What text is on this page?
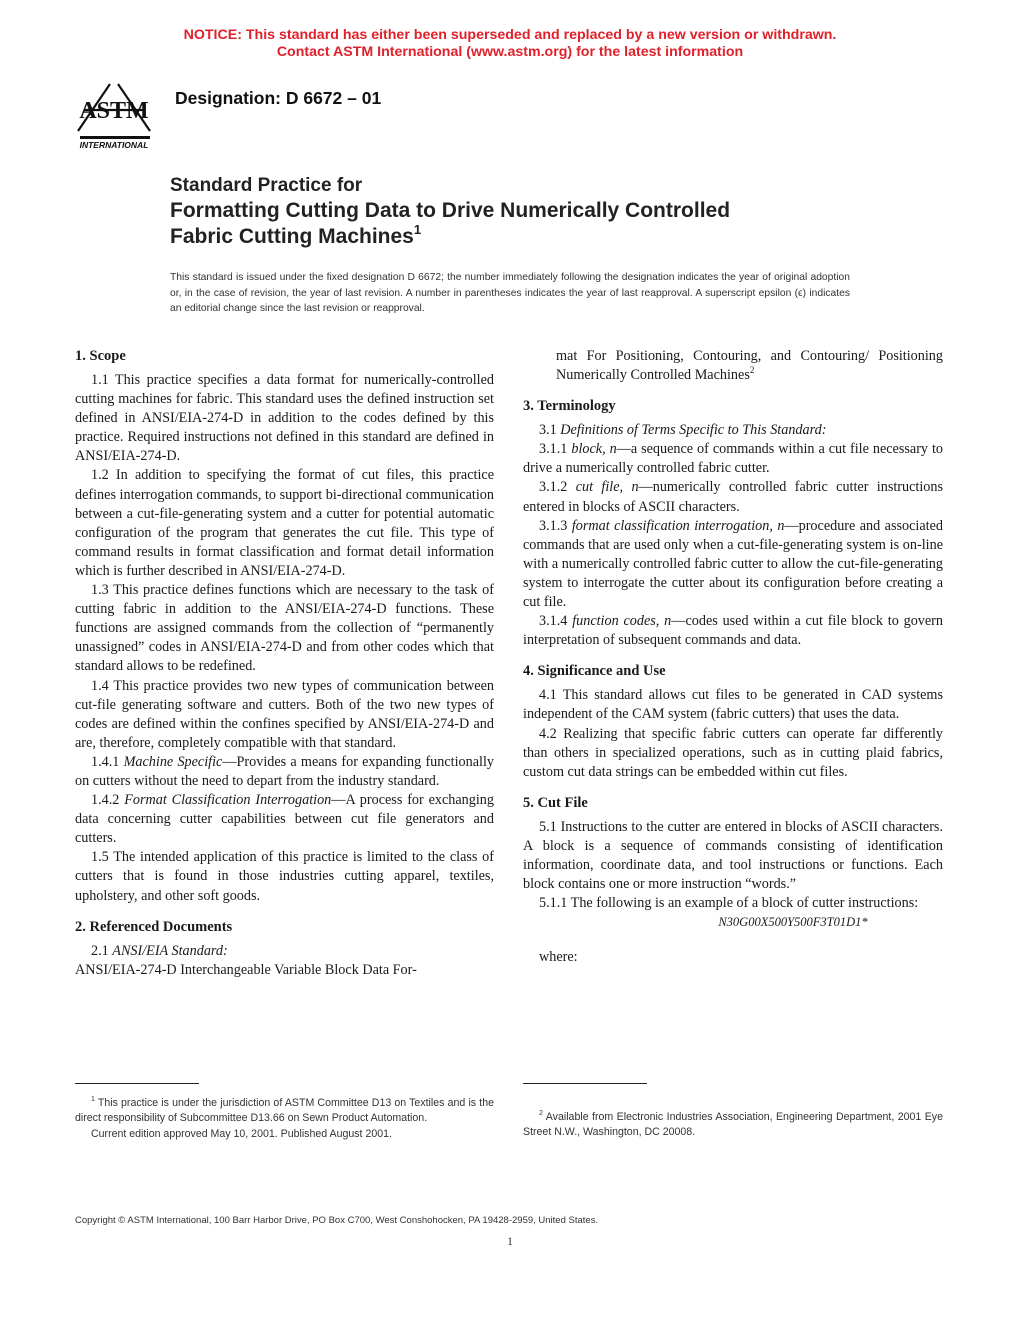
NOTICE: This standard has either been superseded and replaced by a new version or withdrawn.
Contact ASTM International (www.astm.org) for the latest information
ASTM
INTERNATIONAL
Designation: D 6672 – 01
Standard Practice for
Formatting Cutting Data to Drive Numerically Controlled
Fabric Cutting Machines$^1$
This standard is issued under the fixed designation D 6672; the number immediately following the designation indicates the year of original adoption or, in the case of revision, the year of last revision. A number in parentheses indicates the year of last reapproval. A superscript epsilon (ϵ) indicates an editorial change since the last revision or reapproval.
1. Scope

1.1 This practice specifies a data format for numerically-controlled cutting machines for fabric. This standard uses the defined instruction set defined in ANSI/EIA-274-D in addition to the codes defined by this practice. Required instructions not defined in this standard are defined in ANSI/EIA-274-D.

1.2 In addition to specifying the format of cut files, this practice defines interrogation commands, to support bi-directional communication between a cut-file-generating system and a cutter for potential automatic configuration of the program that generates the cut file. This type of command results in format classification and format detail information which is further described in ANSI/EIA-274-D.

1.3 This practice defines functions which are necessary to the task of cutting fabric in addition to the ANSI/EIA-274-D functions. These functions are assigned commands from the collection of “permanently unassigned” codes in ANSI/EIA-274-D and from other codes which that standard allows to be redefined.

1.4 This practice provides two new types of communication between cut-file generating software and cutters. Both of the two new types of codes are defined within the confines specified by ANSI/EIA-274-D and are, therefore, completely compatible with that standard.

1.4.1 Machine Specific—Provides a means for expanding functionally on cutters without the need to depart from the industry standard.

1.4.2 Format Classification Interrogation—A process for exchanging data concerning cutter capabilities between cut file generators and cutters.

1.5 The intended application of this practice is limited to the class of cutters that is found in those industries cutting apparel, textiles, upholstery, and other soft goods.

2. Referenced Documents

2.1 ANSI/EIA Standard:

ANSI/EIA-274-D Interchangeable Variable Block Data For-

mat For Positioning, Contouring, and Contouring/ Positioning Numerically Controlled Machines$^2$

3. Terminology

3.1 Definitions of Terms Specific to This Standard:

3.1.1 block, n—a sequence of commands within a cut file necessary to drive a numerically controlled fabric cutter.

3.1.2 cut file, n—numerically controlled fabric cutter instructions entered in blocks of ASCII characters.

3.1.3 format classification interrogation, n—procedure and associated commands that are used only when a cut-file-generating system is on-line with a numerically controlled fabric cutter to allow the cut-file-generating system to interrogate the cutter about its configuration before creating a cut file.

3.1.4 function codes, n—codes used within a cut file block to govern interpretation of subsequent commands and data.

4. Significance and Use

4.1 This standard allows cut files to be generated in CAD systems independent of the CAM system (fabric cutters) that uses the data.

4.2 Realizing that specific fabric cutters can operate far differently than others in specialized operations, such as in cutting plaid fabrics, custom cut data strings can be embedded within cut files.

5. Cut File

5.1 Instructions to the cutter are entered in blocks of ASCII characters. A block is a sequence of commands consisting of identification information, coordinate data, and tool instructions or functions. Each block contains one or more instruction “words.”

5.1.1 The following is an example of a block of cutter instructions:

N30G00X500Y500F3T01D1*

where:

$^1$ This practice is under the jurisdiction of ASTM Committee D13 on Textiles and is the direct responsibility of Subcommittee D13.66 on Sewn Product Automation.
Current edition approved May 10, 2001. Published August 2001.
$^2$ Available from Electronic Industries Association, Engineering Department, 2001 Eye Street N.W., Washington, DC 20008.
Copyright © ASTM International, 100 Barr Harbor Drive, PO Box C700, West Conshohocken, PA 19428-2959, United States.
1
